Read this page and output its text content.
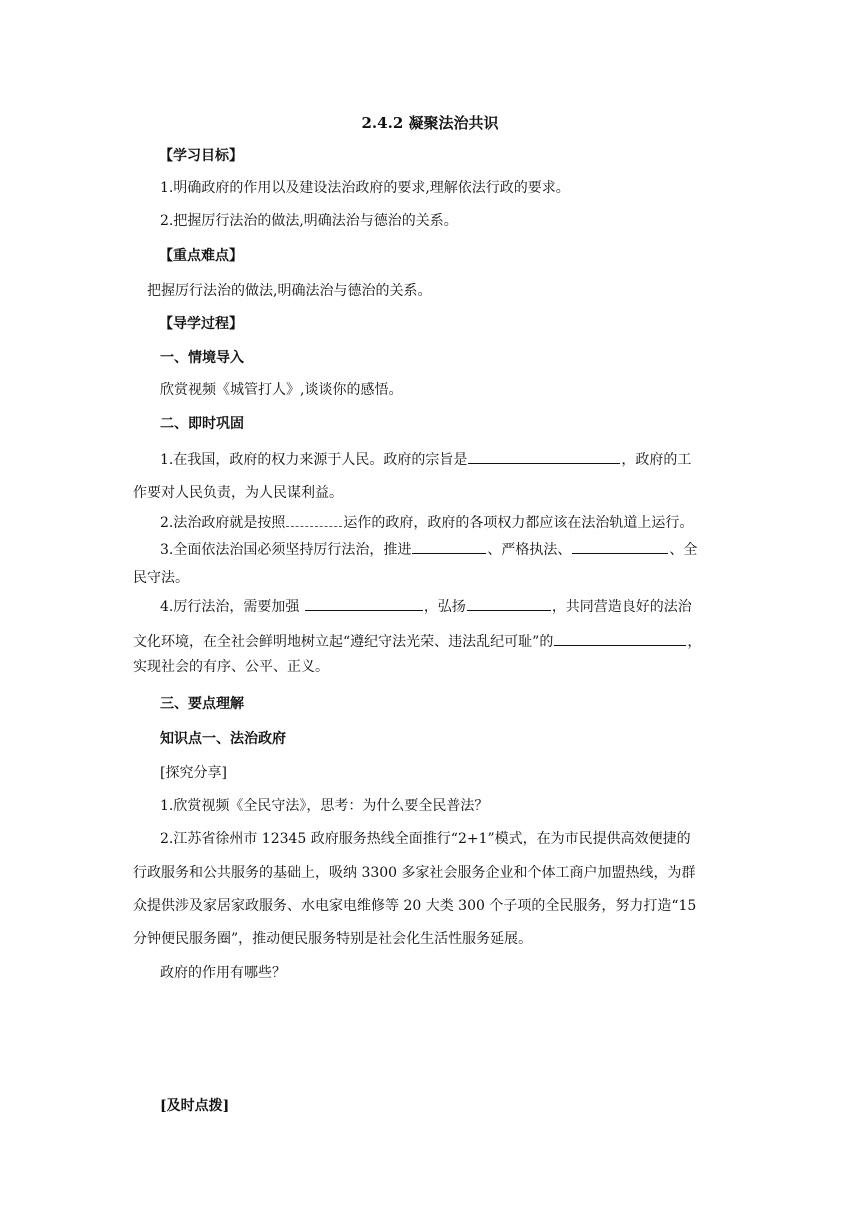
2.4.2 凝聚法治共识
【学习目标】
1.明确政府的作用以及建设法治政府的要求,理解依法行政的要求。
2.把握厉行法治的做法,明确法治与德治的关系。
【重点难点】
把握厉行法治的做法,明确法治与德治的关系。
【导学过程】
一、情境导入
欣赏视频《城管打人》,谈谈你的感悟。
二、即时巩固
1.在我国，政府的权力来源于人民。政府的宗旨是	，政府的工
作要对人民负责，为人民谋利益。
2.法治政府就是按照	运作的政府，政府的各项权力都应该在法治轨道上运行。
3.全面依法治国必须坚持厉行法治，推进	、严格执法、	、全
民守法。
4.厉行法治，需要加强	，弘扬	，共同营造良好的法治
文化环境，在全社会鲜明地树立起“遵纪守法光荣、违法乱纪可耻”的	，
实现社会的有序、公平、正义。
三、要点理解
知识点一、法治政府
[探究分享]
1.欣赏视频《全民守法》，思考：为什么要全民普法？
2.江苏省徐州市 12345 政府服务热线全面推行“2+1”模式，在为市民提供高效便捷的
行政服务和公共服务的基础上，吸纳 3300 多家社会服务企业和个体工商户加盟热线，为群
众提供涉及家居家政服务、水电家电维修等 20 大类 300 个子项的全民服务，努力打造“15
分钟便民服务圈”，推动便民服务特别是社会化生活性服务延展。
政府的作用有哪些？
[及时点拨]
